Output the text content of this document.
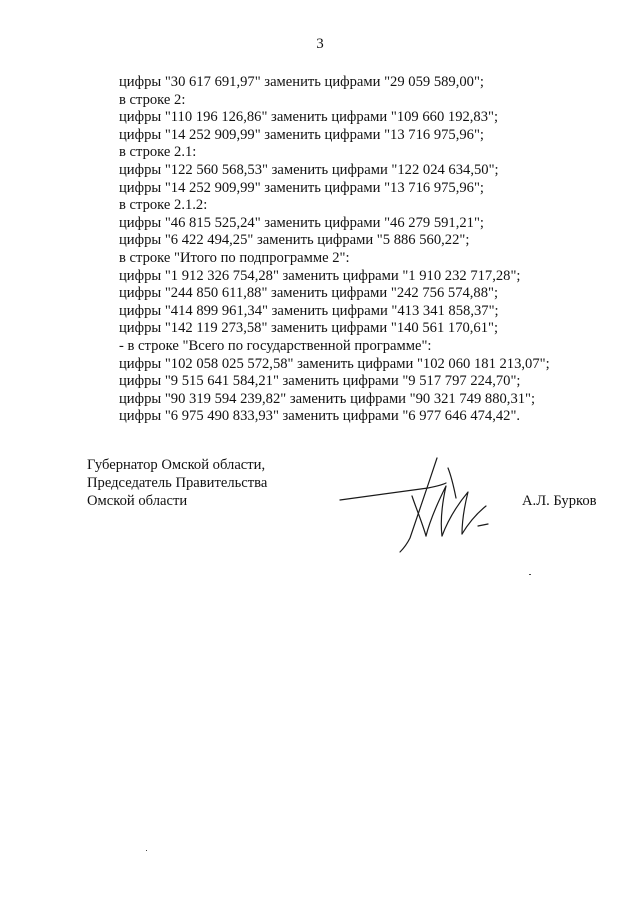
3
цифры "30 617 691,97" заменить цифрами "29 059 589,00";
в строке 2:
цифры "110 196 126,86" заменить цифрами "109 660 192,83";
цифры "14 252 909,99" заменить цифрами "13 716 975,96";
в строке 2.1:
цифры "122 560 568,53" заменить цифрами "122 024 634,50";
цифры "14 252 909,99" заменить цифрами "13 716 975,96";
в строке 2.1.2:
цифры "46 815 525,24" заменить цифрами "46 279 591,21";
цифры "6 422 494,25" заменить цифрами "5 886 560,22";
в строке "Итого по подпрограмме 2":
цифры "1 912 326 754,28" заменить цифрами "1 910 232 717,28";
цифры "244 850 611,88" заменить цифрами "242 756 574,88";
цифры "414 899 961,34" заменить цифрами "413 341 858,37";
цифры "142 119 273,58" заменить цифрами "140 561 170,61";
- в строке "Всего по государственной программе":
цифры "102 058 025 572,58" заменить цифрами "102 060 181 213,07";
цифры "9 515 641 584,21" заменить цифрами "9 517 797 224,70";
цифры "90 319 594 239,82" заменить цифрами "90 321 749 880,31";
цифры "6 975 490 833,93" заменить цифрами "6 977 646 474,42".
Губернатор Омской области,
Председатель Правительства
Омской области	А.Л. Бурков
